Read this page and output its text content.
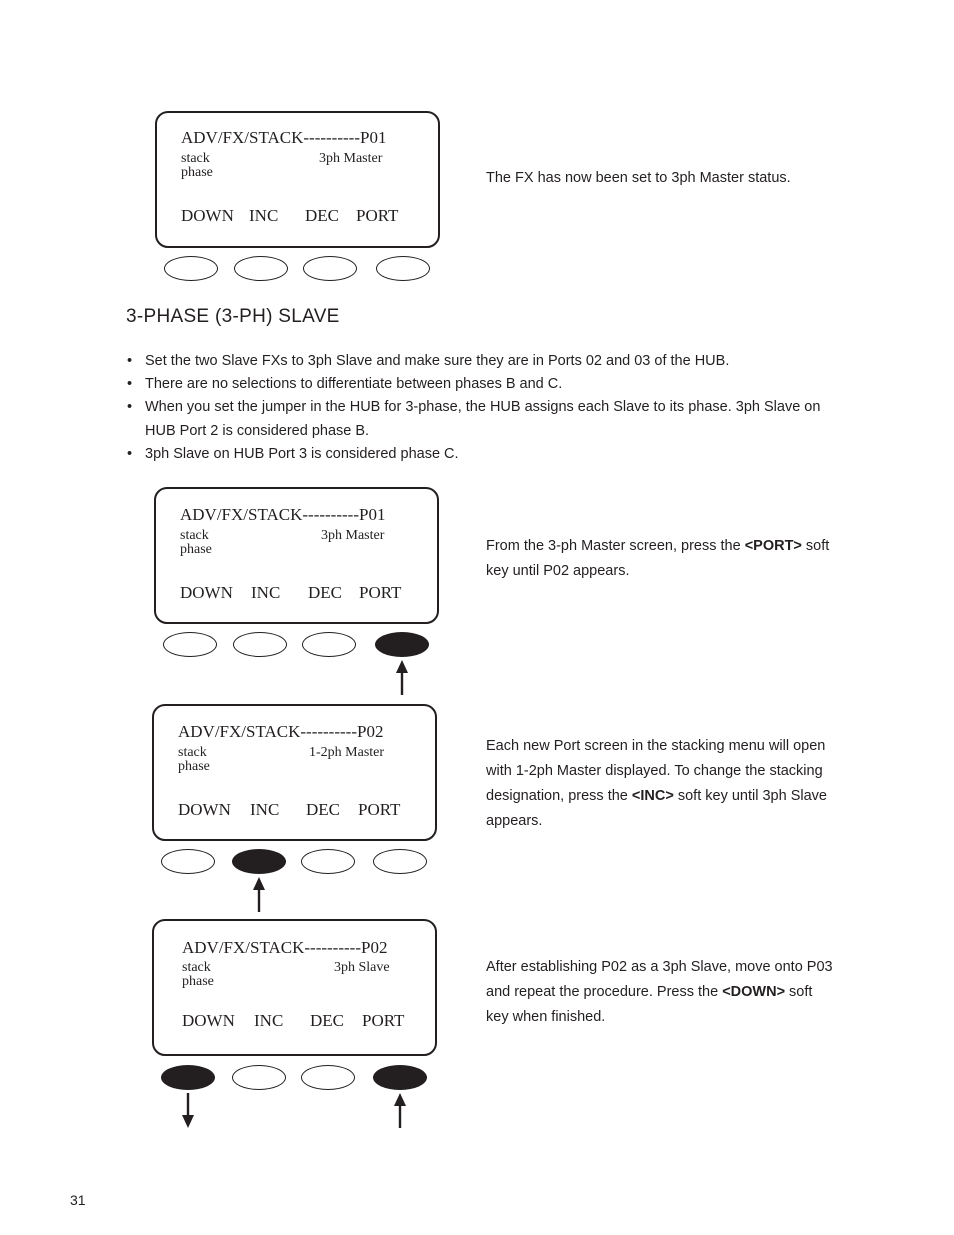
ADV/FX/STACK----------P01
stack
phase
3ph Master
DOWN INC DEC PORT
The FX has now been set to 3ph Master status.
3-PHASE (3-PH) SLAVE
• Set the two Slave FXs to 3ph Slave and make sure they are in Ports 02 and 03 of the HUB.
• There are no selections to differentiate between phases B and C.
• When you set the jumper in the HUB for 3-phase, the HUB assigns each Slave to its phase. 3ph Slave on HUB Port 2 is considered phase B.
• 3ph Slave on HUB Port 3 is considered phase C.
ADV/FX/STACK----------P01
stack
phase
3ph Master
DOWN INC DEC PORT
From the 3-ph Master screen, press the <PORT> soft key until P02 appears.
ADV/FX/STACK----------P02
stack
phase
1-2ph Master
DOWN INC DEC PORT
Each new Port screen in the stacking menu will open with 1-2ph Master displayed. To change the stacking designation, press the <INC> soft key until 3ph Slave appears.
ADV/FX/STACK----------P02
stack
phase
3ph Slave
DOWN INC DEC PORT
After establishing P02 as a 3ph Slave, move onto P03 and repeat the procedure. Press the <DOWN> soft key when finished.
31
